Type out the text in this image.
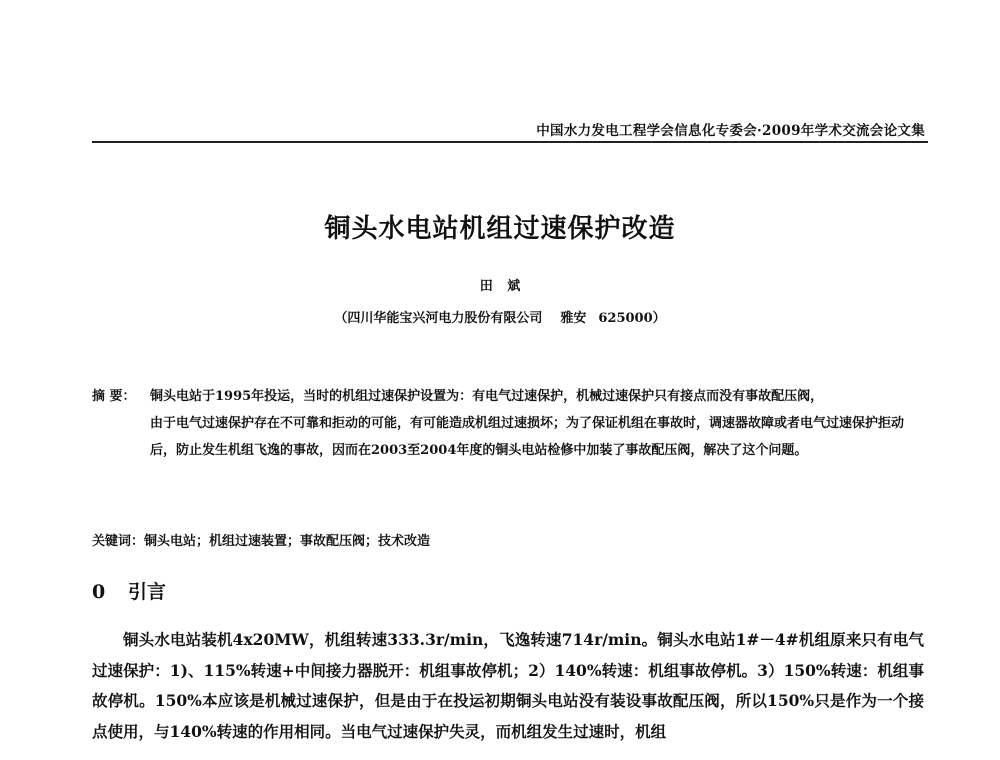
中国水力发电工程学会信息化专委会·2009年学术交流会论文集
铜头水电站机组过速保护改造
田 斌
（四川华能宝兴河电力股份有限公司 雅安 625000）
摘 要： 铜头电站于1995年投运，当时的机组过速保护设置为：有电气过速保护，机械过速保护只有接点而没有事故配压阀，
由于电气过速保护存在不可靠和拒动的可能，有可能造成机组过速损坏；为了保证机组在事故时，调速器故障或者电气过速保护拒动后，防止发生机组飞逸的事故，因而在2003至2004年度的铜头电站检修中加装了事故配压阀，解决了这个问题。
关键词：铜头电站；机组过速装置；事故配压阀；技术改造
0 引言
铜头水电站装机4x20MW，机组转速333.3r/min，飞逸转速714r/min。铜头水电站1#－4#机组原来只有电气过速保护：1)、115%转速+中间接力器脱开：机组事故停机；2）140%转速：机组事故停机。3）150%转速：机组事故停机。150%本应该是机械过速保护，但是由于在投运初期铜头电站没有装设事故配压阀，所以150%只是作为一个接点使用，与140%转速的作用相同。当电气过速保护失灵，而机组发生过速时，机组
